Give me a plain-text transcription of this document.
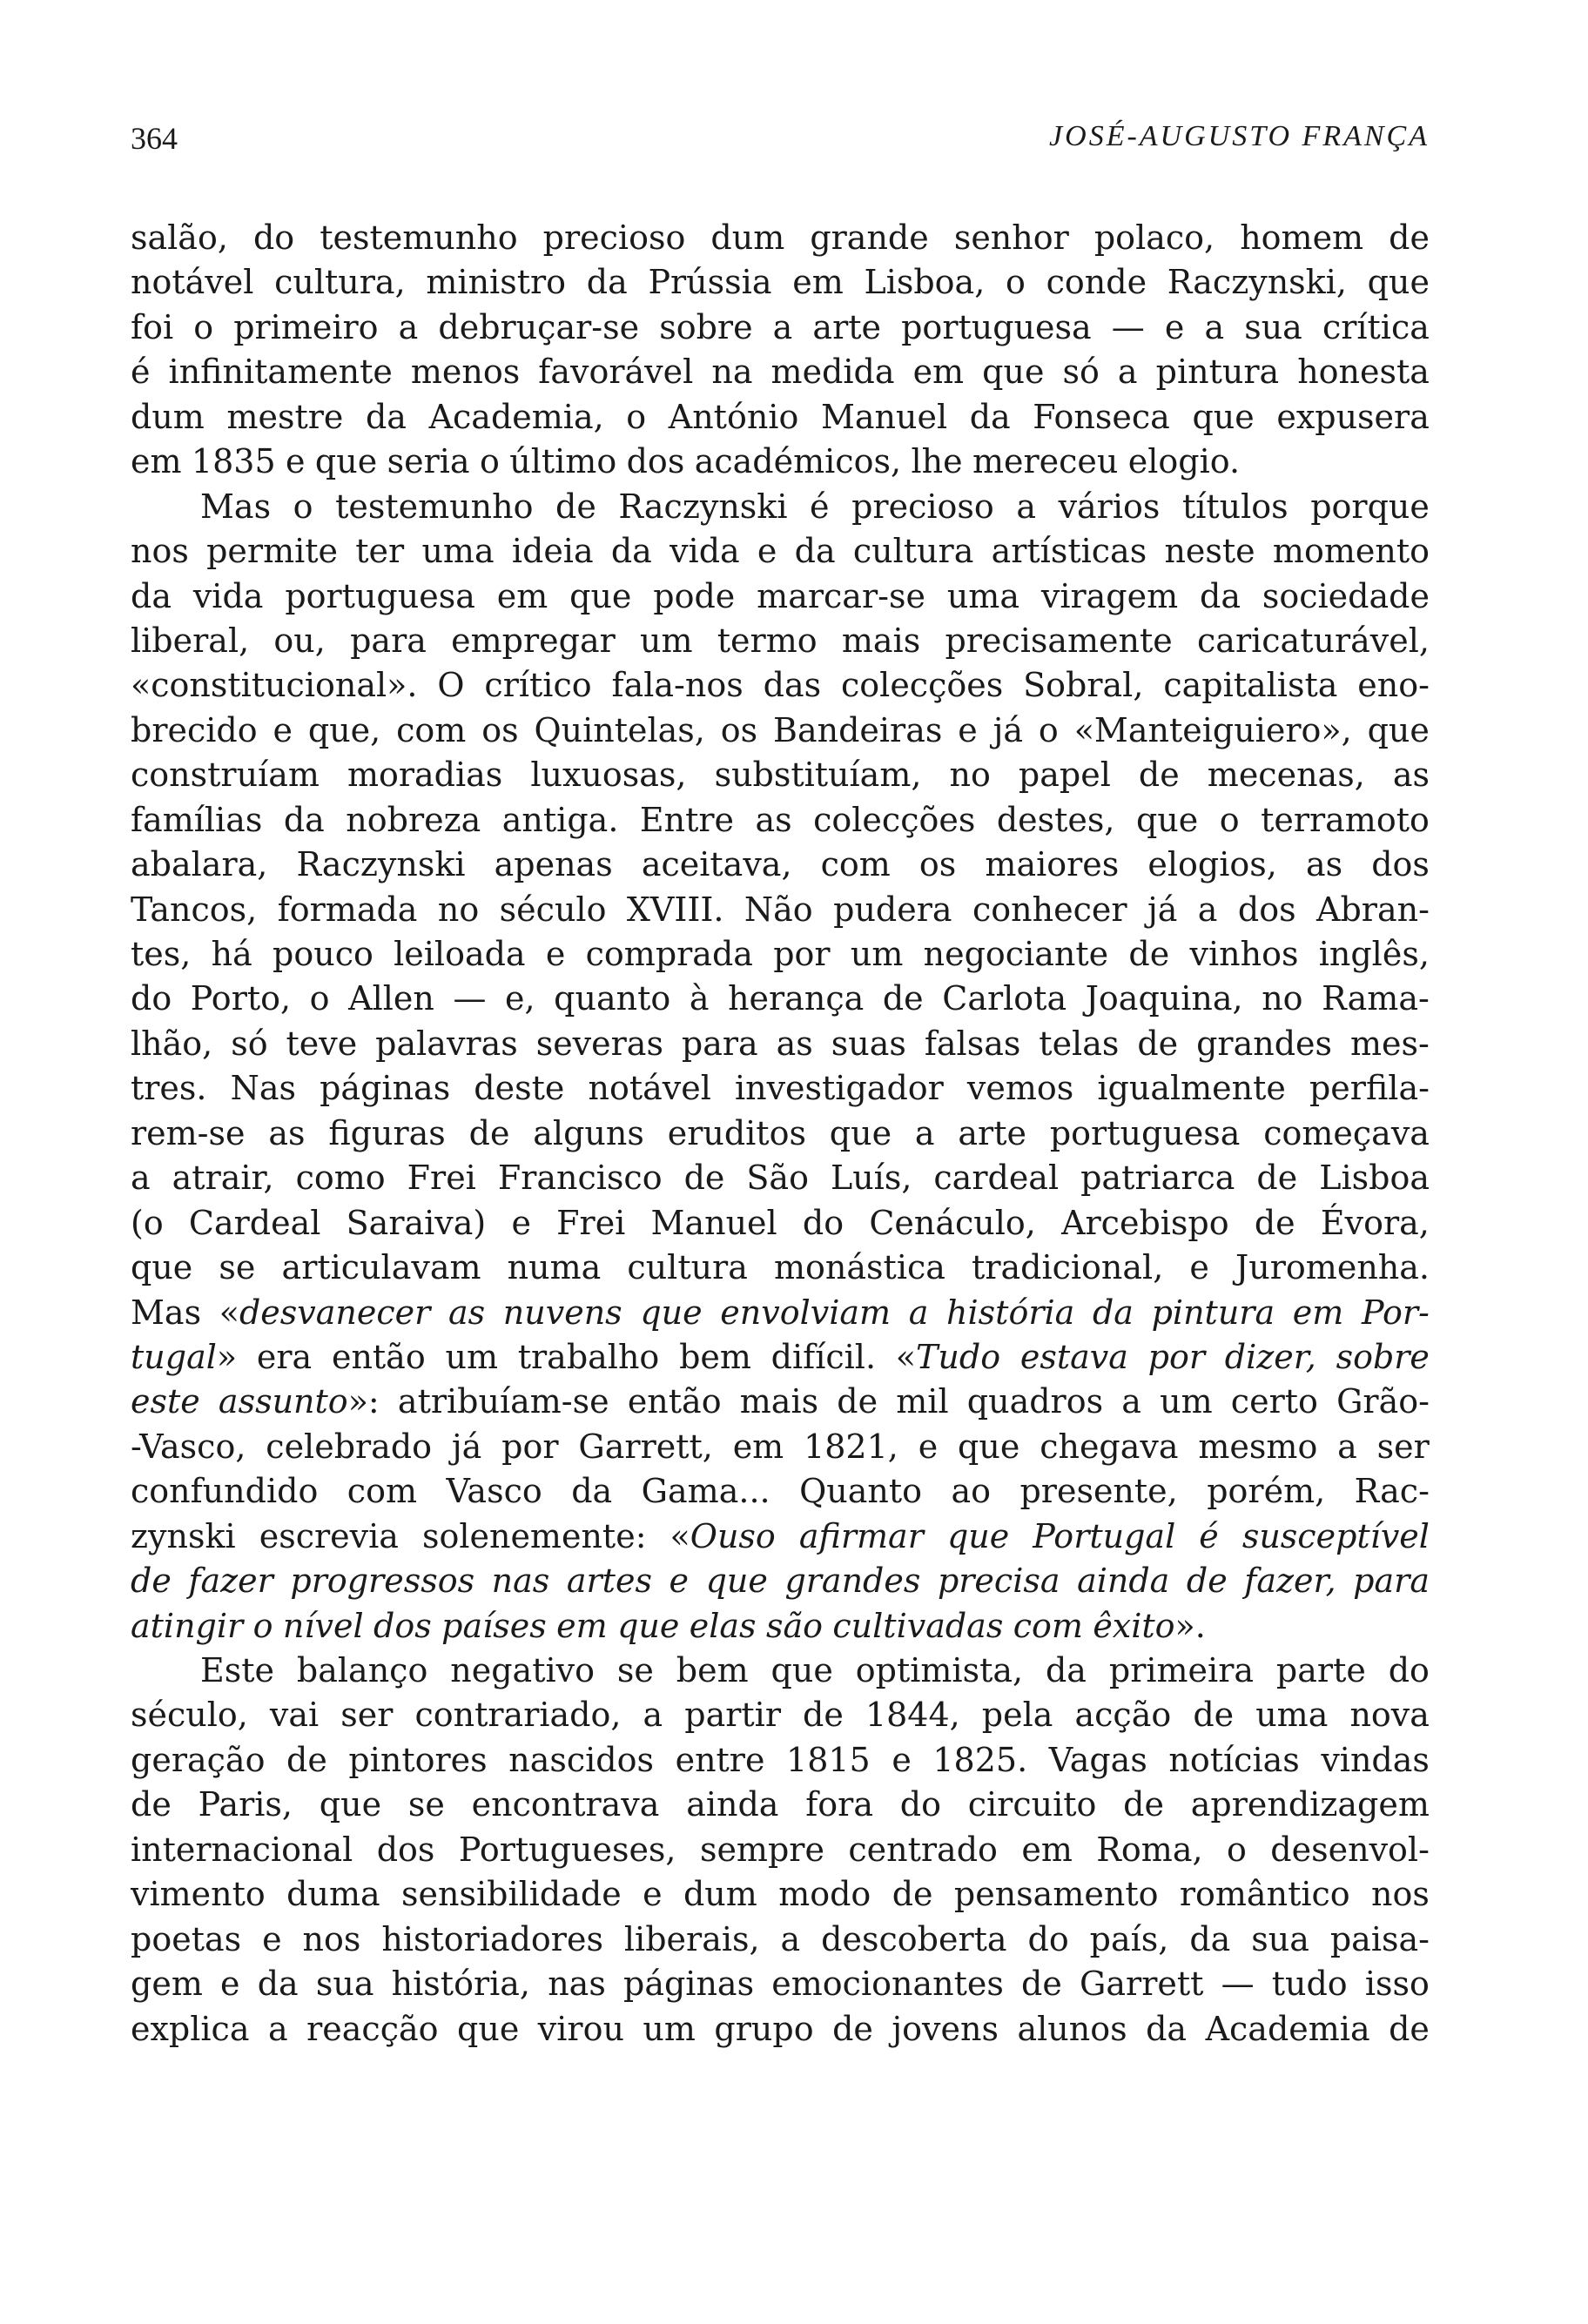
364	JOSÉ-AUGUSTO FRANÇA
salão, do testemunho precioso dum grande senhor polaco, homem de
notável cultura, ministro da Prússia em Lisboa, o conde Raczynski, que
foi o primeiro a debruçar-se sobre a arte portuguesa — e a sua crítica
é infinitamente menos favorável na medida em que só a pintura honesta
dum mestre da Academia, o António Manuel da Fonseca que expusera
em 1835 e que seria o último dos académicos, lhe mereceu elogio.
Mas o testemunho de Raczynski é precioso a vários títulos porque
nos permite ter uma ideia da vida e da cultura artísticas neste momento
da vida portuguesa em que pode marcar-se uma viragem da sociedade
liberal, ou, para empregar um termo mais precisamente caricaturável,
«constitucional». O crítico fala-nos das colecções Sobral, capitalista eno-
brecido e que, com os Quintelas, os Bandeiras e já o «Manteiguiero», que
construíam moradias luxuosas, substituíam, no papel de mecenas, as
famílias da nobreza antiga. Entre as colecções destes, que o terramoto
abalara, Raczynski apenas aceitava, com os maiores elogios, as dos
Tancos, formada no século XVIII. Não pudera conhecer já a dos Abran-
tes, há pouco leiloada e comprada por um negociante de vinhos inglês,
do Porto, o Allen — e, quanto à herança de Carlota Joaquina, no Rama-
lhão, só teve palavras severas para as suas falsas telas de grandes mes-
tres. Nas páginas deste notável investigador vemos igualmente perfila-
rem-se as figuras de alguns eruditos que a arte portuguesa começava
a atrair, como Frei Francisco de São Luís, cardeal patriarca de Lisboa
(o Cardeal Saraiva) e Frei Manuel do Cenáculo, Arcebispo de Évora,
que se articulavam numa cultura monástica tradicional, e Juromenha.
Mas «desvanecer as nuvens que envolviam a história da pintura em Por-
tugal» era então um trabalho bem difícil. «Tudo estava por dizer, sobre
este assunto»: atribuíam-se então mais de mil quadros a um certo Grão-
-Vasco, celebrado já por Garrett, em 1821, e que chegava mesmo a ser
confundido com Vasco da Gama... Quanto ao presente, porém, Rac-
zynski escrevia solenemente: «Ouso afirmar que Portugal é susceptível
de fazer progressos nas artes e que grandes precisa ainda de fazer, para
atingir o nível dos países em que elas são cultivadas com êxito».
Este balanço negativo se bem que optimista, da primeira parte do
século, vai ser contrariado, a partir de 1844, pela acção de uma nova
geração de pintores nascidos entre 1815 e 1825. Vagas notícias vindas
de Paris, que se encontrava ainda fora do circuito de aprendizagem
internacional dos Portugueses, sempre centrado em Roma, o desenvol-
vimento duma sensibilidade e dum modo de pensamento romântico nos
poetas e nos historiadores liberais, a descoberta do país, da sua paisa-
gem e da sua história, nas páginas emocionantes de Garrett — tudo isso
explica a reacção que virou um grupo de jovens alunos da Academia de
